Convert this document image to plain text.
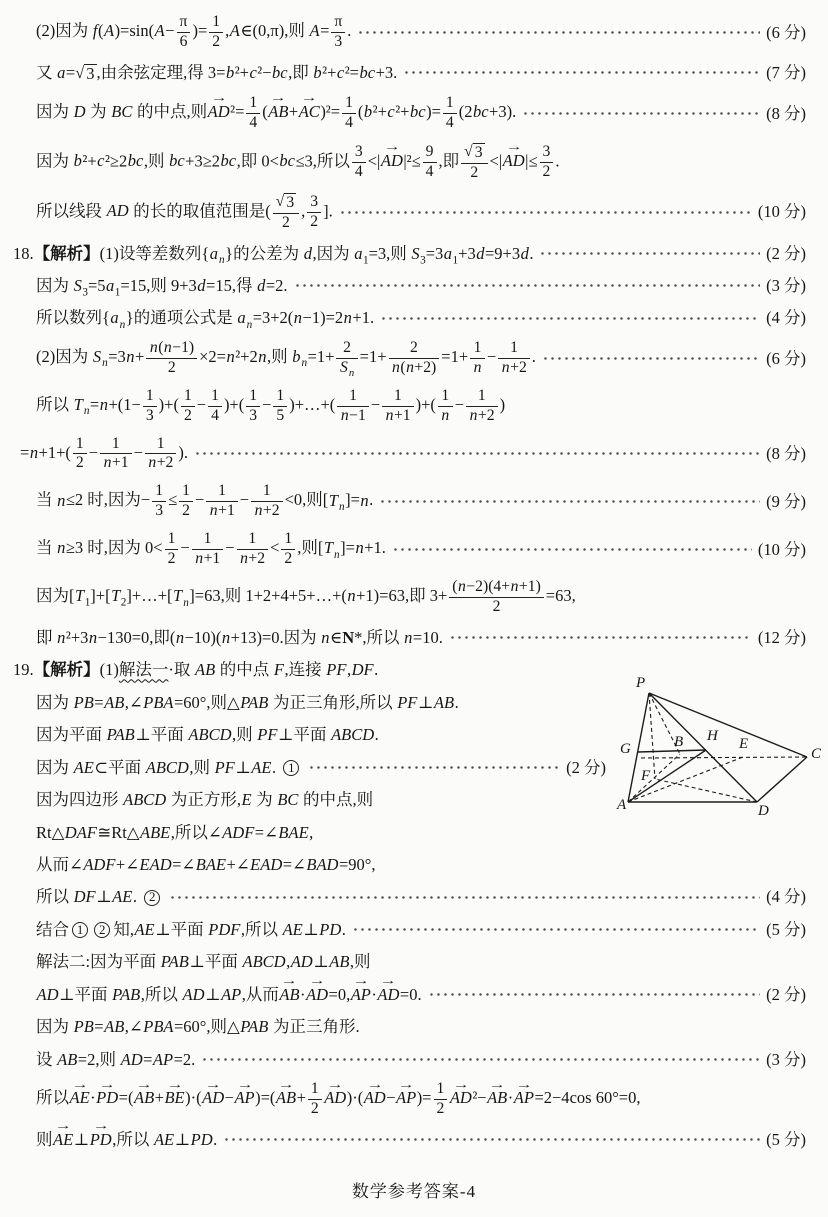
(2)因为 $f(A)=\sin(A- \frac{\pi}{6}$ )= $\frac{1}{2}$ ,A∈(0,π),则 $A= \frac{\pi}{3}$ .	(6 分)
又 a= √ 3 ,由余弦定理,得 3=b²+c²−bc,即 b²+c²=bc+3.	(7 分)
因为 D 为 BC 的中点,则→ $AD^2= \frac{1}{4}$ (→ $AB+\to AC)^2= \frac{1}{4} (b^2+c^2+bc)= \frac{1}{4} (2bc+3)$.	(8 分)
因为 b²+c²≥2bc,则 bc+3≥2bc,即 0<bc≤3,所以 $\frac{3}{4}$ <|→ $AD|^2\le \frac{9}{4}$ ,即 $\frac{√ 3}{2}$ <|→ $AD|\le \frac{3}{2}$ .
所以线段 AD 的长的取值范围是( $\frac{√ 3}{2}$ , $\frac{3}{2}$ ].	(10 分)
18.【解析】(1)设等差数列$\{a_n\}$的公差为 d,因为 $a_1=3$,则 $S_3=3a_1+3d=9+3d$.	(2 分)
因为 $S_3=5a_1=15$,则 9+3d=15,得 d=2.	(3 分)
所以数列$\{a_n\}$的通项公式是 $a_n=3+2(n-1)=2n+1$.	(4 分)
(2)因为 $S_n=3n+ \frac{n(n-1)}{2} \times 2=n^2+2n$,则 $b_n=1+ \frac{2}{S_n} =1+ \frac{2}{n(n+2)} =1+ \frac{1}{n} - \frac{1}{n+2}$ .	(6 分)
所以 $T_n=n+(1- \frac{1}{3}$ )+( $\frac{1}{2} - \frac{1}{4}$ )+( $\frac{1}{3} - \frac{1}{5}$ )+…+( $\frac{1}{n-1} - \frac{1}{n+1}$ )+( $\frac{1}{n} - \frac{1}{n+2}$ )
$=n+1+( \frac{1}{2} - \frac{1}{n+1} - \frac{1}{n+2}$ ).	(8 分)
当 n≤2 时,因为− $\frac{1}{3} \le \frac{1}{2} - \frac{1}{n+1} - \frac{1}{n+2} <0$,则$[T_n]=n$.	(9 分)
当 n≥3 时,因为 $0< \frac{1}{2} - \frac{1}{n+1} - \frac{1}{n+2} < \frac{1}{2}$ ,则$[T_n]=n+1$.	(10 分)
因为$[T_1]+[T_2]+\dots+[T_n]=63$,则 1+2+4+5+…+(n+1)=63,即 $3+ \frac{(n-2)(4+n+1)}{2} =63$,
即 n²+3n−130=0,即(n−10)(n+13)=0.因为 n∈N*,所以 n=10.	(12 分)
19.【解析】(1)解法一·取 AB 的中点 F,连接 PF,DF.
因为 PB=AB,∠PBA=60°,则△PAB 为正三角形,所以 PF⊥AB.
因为平面 PAB⊥平面 ABCD,则 PF⊥平面 ABCD.
因为 AE⊂平面 ABCD,则 PF⊥AE. 1	(2 分)
因为四边形 ABCD 为正方形,E 为 BC 的中点,则
Rt△DAF≅Rt△ABE,所以∠ADF=∠BAE,
从而∠ADF+∠EAD=∠BAE+∠EAD=∠BAD=90°,
所以 DF⊥AE. 2	(4 分)
结合 1 2 知,AE⊥平面 PDF,所以 AE⊥PD.	(5 分)
解法二:因为平面 PAB⊥平面 ABCD,AD⊥AB,则
AD⊥平面 PAB,所以 AD⊥AP,从而→ AB·→ AD=0,→ AP·→ AD=0.	(2 分)
因为 PB=AB,∠PBA=60°,则△PAB 为正三角形.
设 AB=2,则 AD=AP=2.	(3 分)
所以→ $AE\cdot\to PD=(\to AB+\to BE)\cdot(\to AD-\to AP)=(\to AB+ \frac{1}{2} \to AD)\cdot(\to AD-\to AP)= \frac{1}{2} \to AD^2-\to AB\cdot\to AP=2-4\cos$ 60°=0,
则→ AE⊥→ PD,所以 AE⊥PD.	(5 分)
P
G	B H E
C
F
A	D
数学参考答案-4
